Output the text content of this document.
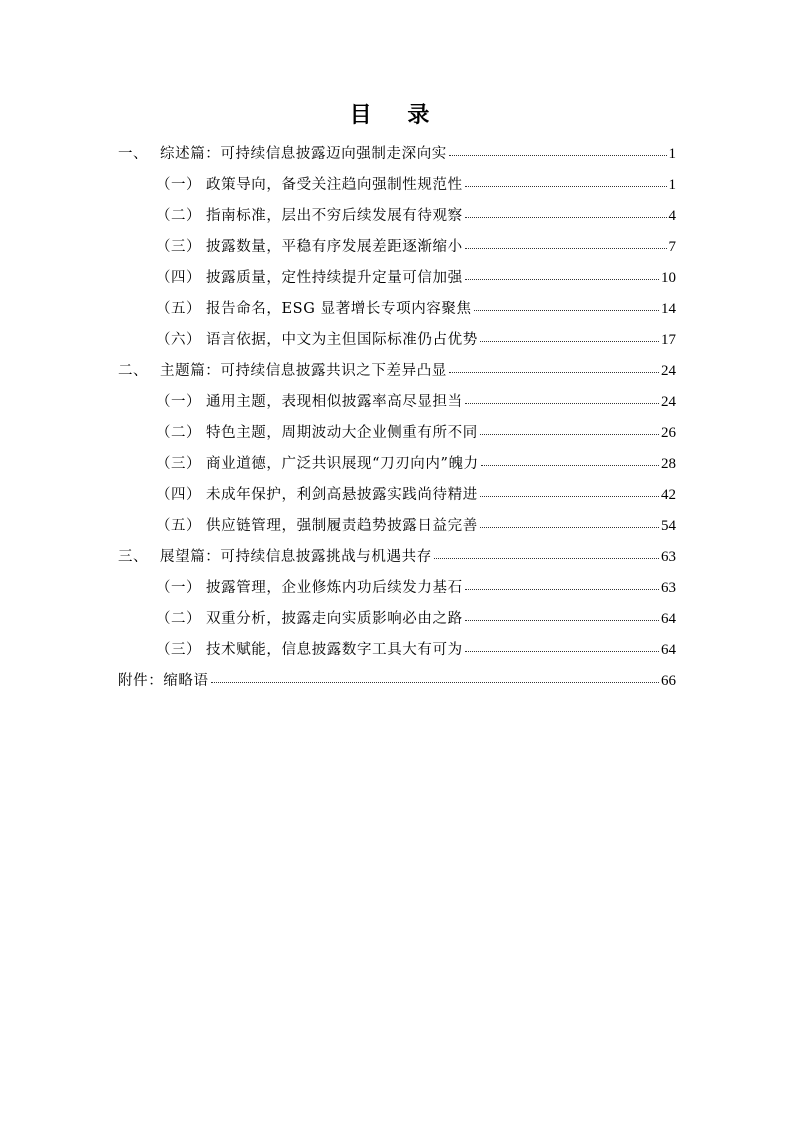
目 录
一、 综述篇：可持续信息披露迈向强制走深向实	1
（一） 政策导向，备受关注趋向强制性规范性	1
（二） 指南标准，层出不穷后续发展有待观察	4
（三） 披露数量，平稳有序发展差距逐渐缩小	7
（四） 披露质量，定性持续提升定量可信加强	10
（五） 报告命名，ESG 显著增长专项内容聚焦	14
（六） 语言依据，中文为主但国际标准仍占优势	17
二、 主题篇：可持续信息披露共识之下差异凸显	24
（一） 通用主题，表现相似披露率高尽显担当	24
（二） 特色主题，周期波动大企业侧重有所不同	26
（三） 商业道德，广泛共识展现“刀刃向内”魄力	28
（四） 未成年保护，利剑高悬披露实践尚待精进	42
（五） 供应链管理，强制履责趋势披露日益完善	54
三、 展望篇：可持续信息披露挑战与机遇共存	63
（一） 披露管理，企业修炼内功后续发力基石	63
（二） 双重分析，披露走向实质影响必由之路	64
（三） 技术赋能，信息披露数字工具大有可为	64
附件：缩略语	66
